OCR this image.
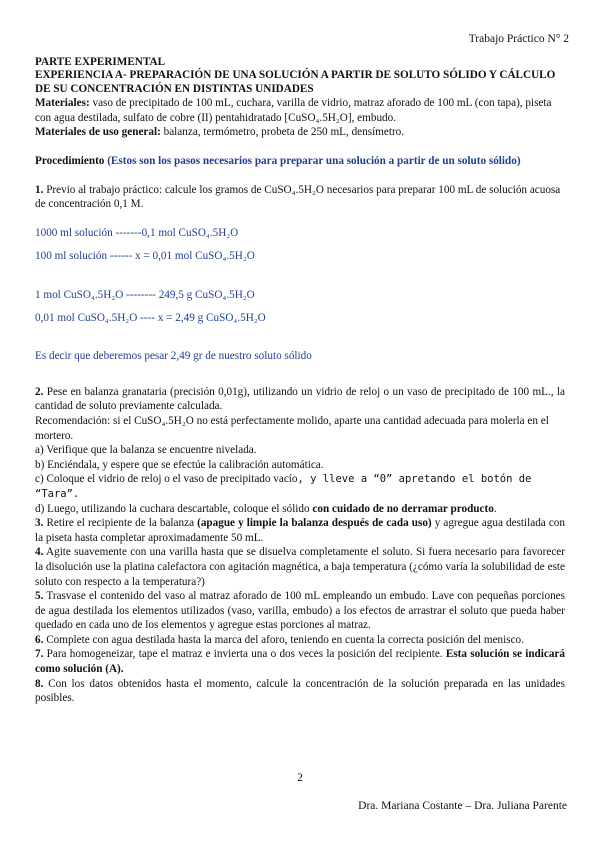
Trabajo Práctico N° 2
PARTE EXPERIMENTAL
EXPERIENCIA A- PREPARACIÓN DE UNA SOLUCIÓN A PARTIR DE SOLUTO SÓLIDO Y CÁLCULO DE SU CONCENTRACIÓN EN DISTINTAS UNIDADES

Materiales: vaso de precipitado de 100 mL, cuchara, varilla de vidrio, matraz aforado de 100 mL (con tapa), piseta con agua destilada, sulfato de cobre (II) pentahidratado [CuSO₄.5H₂O], embudo.

Materiales de uso general: balanza, termómetro, probeta de 250 mL, densímetro.

Procedimiento (Estos son los pasos necesarios para preparar una solución a partir de un soluto sólido)

1. Previo al trabajo práctico: calcule los gramos de CuSO₄.5H₂O necesarios para preparar 100 mL de solución acuosa de concentración 0,1 M.

1000 ml solución -------0,1 mol CuSO₄.5H₂O
100 ml solución ------ x = 0,01 mol CuSO₄.5H₂O
1 mol CuSO₄.5H₂O -------- 249,5 g CuSO₄.5H₂O
0,01 mol CuSO₄.5H₂O ---- x = 2,49 g CuSO₄.5H₂O
Es decir que deberemos pesar 2,49 gr de nuestro soluto sólido

2. Pese en balanza granataria (precisión 0,01g), utilizando un vidrio de reloj o un vaso de precipitado de 100 mL., la cantidad de soluto previamente calculada.

Recomendación: si el CuSO₄.5H₂O no está perfectamente molido, aparte una cantidad adecuada para molerla en el mortero.

a) Verifique que la balanza se encuentre nivelada.

b) Enciéndala, y espere que se efectúe la calibración automática.

c) Coloque el vidrio de reloj o el vaso de precipitado vacío, y lleve a “0” apretando el botón de “Tara”.

d) Luego, utilizando la cuchara descartable, coloque el sólido con cuidado de no derramar producto.

3. Retire el recipiente de la balanza (apague y limpie la balanza después de cada uso) y agregue agua destilada con la piseta hasta completar aproximadamente 50 mL.

4. Agite suavemente con una varilla hasta que se disuelva completamente el soluto. Si fuera necesario para favorecer la disolución use la platina calefactora con agitación magnética, a baja temperatura (¿cómo varía la solubilidad de este soluto con respecto a la temperatura?)

5. Trasvase el contenido del vaso al matraz aforado de 100 mL empleando un embudo. Lave con pequeñas porciones de agua destilada los elementos utilizados (vaso, varilla, embudo) a los efectos de arrastrar el soluto que pueda haber quedado en cada uno de los elementos y agregue estas porciones al matraz.

6. Complete con agua destilada hasta la marca del aforo, teniendo en cuenta la correcta posición del menisco.

7. Para homogeneizar, tape el matraz e invierta una o dos veces la posición del recipiente. Esta solución se indicará como solución (A).

8. Con los datos obtenidos hasta el momento, calcule la concentración de la solución preparada en las unidades posibles.

2
Dra. Mariana Costante – Dra. Juliana Parente
